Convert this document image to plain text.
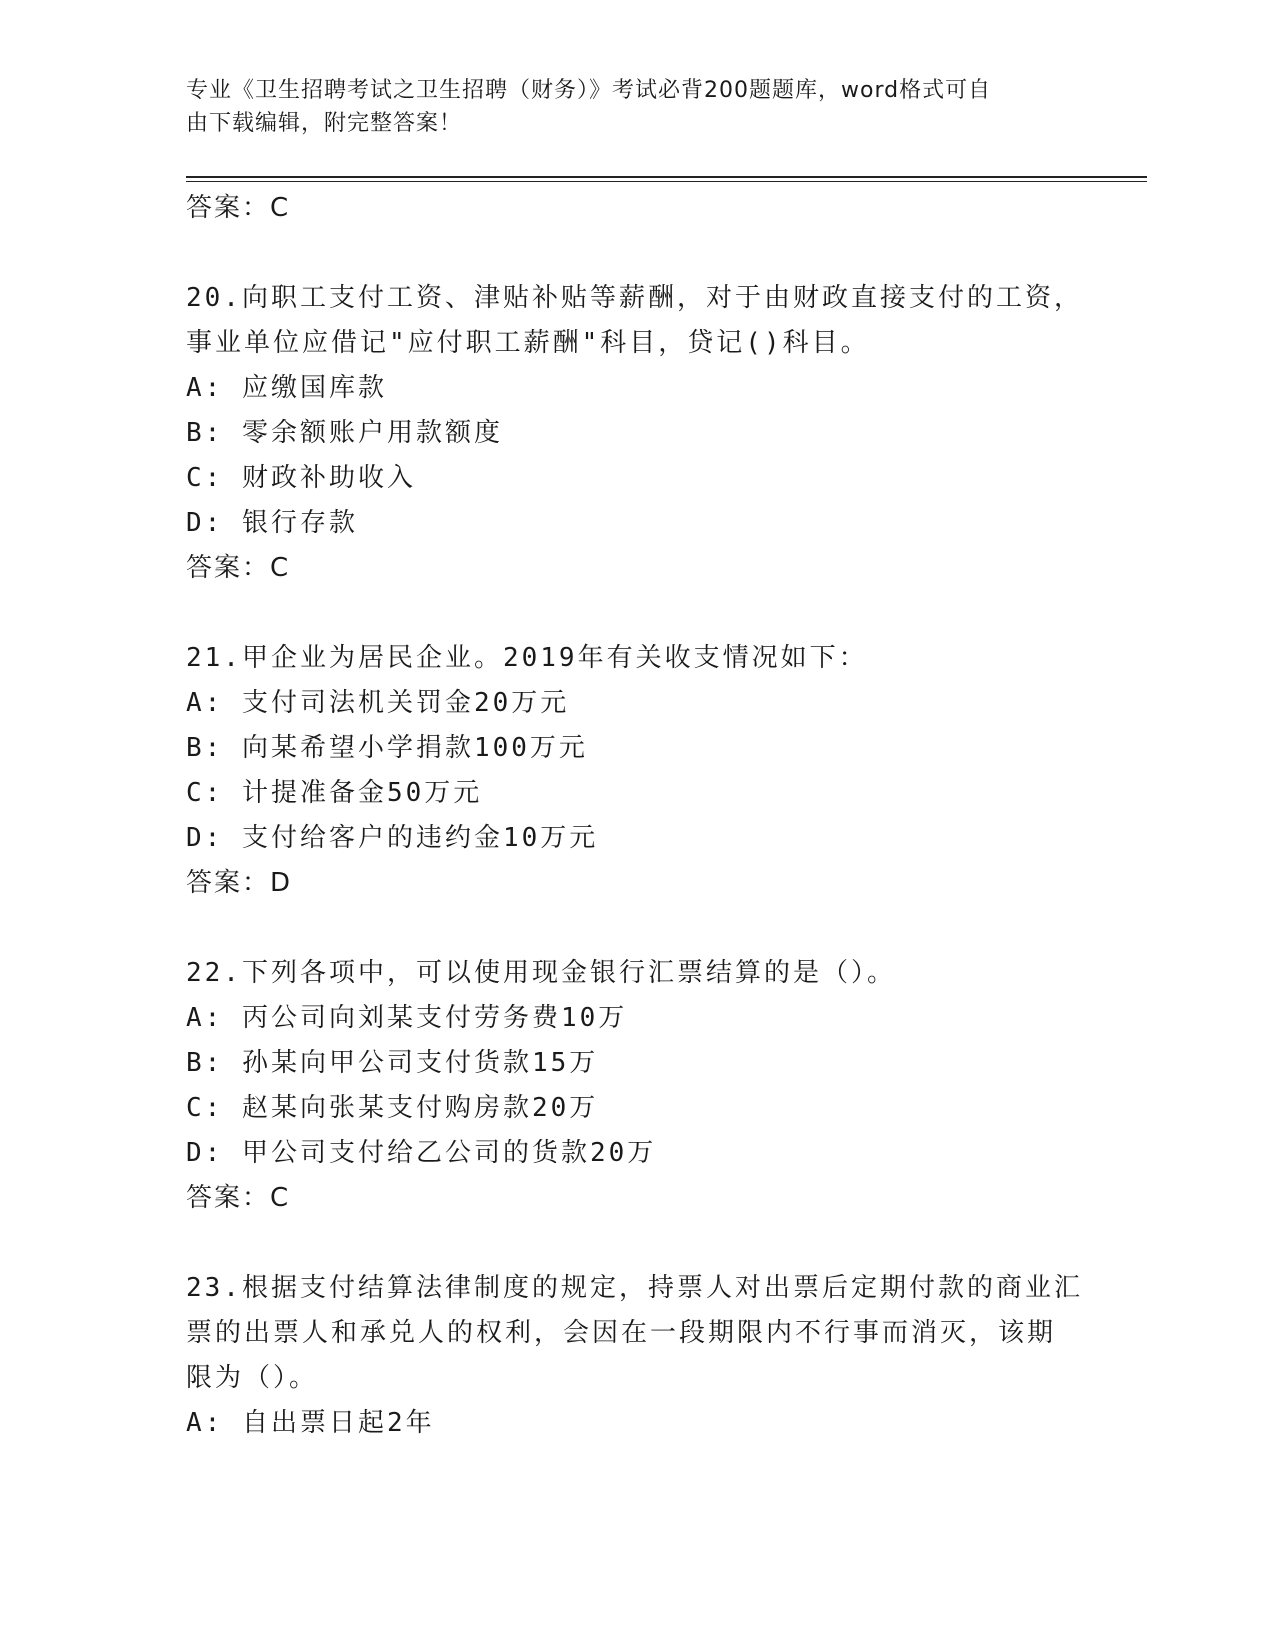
专业《卫生招聘考试之卫生招聘（财务）》考试必背200题题库，word格式可自
由下载编辑，附完整答案！
答案：C
20.向职工支付工资、津贴补贴等薪酬，对于由财政直接支付的工资，
事业单位应借记"应付职工薪酬"科目，贷记()科目。
A: 应缴国库款
B: 零余额账户用款额度
C: 财政补助收入
D: 银行存款
答案：C
21.甲企业为居民企业。2019年有关收支情况如下：
A: 支付司法机关罚金20万元
B: 向某希望小学捐款100万元
C: 计提准备金50万元
D: 支付给客户的违约金10万元
答案：D
22.下列各项中，可以使用现金银行汇票结算的是（）。
A: 丙公司向刘某支付劳务费10万
B: 孙某向甲公司支付货款15万
C: 赵某向张某支付购房款20万
D: 甲公司支付给乙公司的货款20万
答案：C
23.根据支付结算法律制度的规定，持票人对出票后定期付款的商业汇
票的出票人和承兑人的权利，会因在一段期限内不行事而消灭，该期
限为（）。
A: 自出票日起2年
